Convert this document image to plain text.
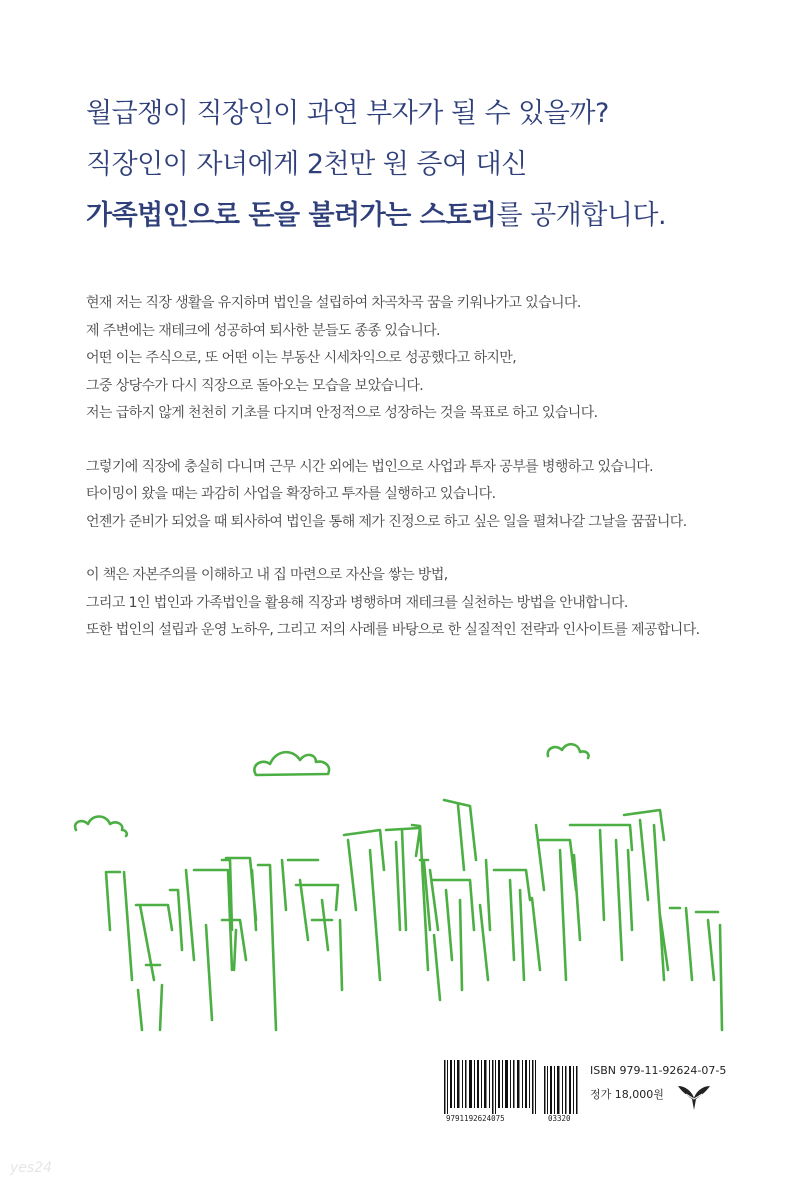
월급쟁이 직장인이 과연 부자가 될 수 있을까?
직장인이 자녀에게 2천만 원 증여 대신
가족법인으로 돈을 불려가는 스토리를 공개합니다.
현재 저는 직장 생활을 유지하며 법인을 설립하여 차곡차곡 꿈을 키워나가고 있습니다.
제 주변에는 재테크에 성공하여 퇴사한 분들도 종종 있습니다.
어떤 이는 주식으로, 또 어떤 이는 부동산 시세차익으로 성공했다고 하지만,
그중 상당수가 다시 직장으로 돌아오는 모습을 보았습니다.
저는 급하지 않게 천천히 기초를 다지며 안정적으로 성장하는 것을 목표로 하고 있습니다.
그렇기에 직장에 충실히 다니며 근무 시간 외에는 법인으로 사업과 투자 공부를 병행하고 있습니다.
타이밍이 왔을 때는 과감히 사업을 확장하고 투자를 실행하고 있습니다.
언젠가 준비가 되었을 때 퇴사하여 법인을 통해 제가 진정으로 하고 싶은 일을 펼쳐나갈 그날을 꿈꿉니다.
이 책은 자본주의를 이해하고 내 집 마련으로 자산을 쌓는 방법,
그리고 1인 법인과 가족법인을 활용해 직장과 병행하며 재테크를 실천하는 방법을 안내합니다.
또한 법인의 설립과 운영 노하우, 그리고 저의 사례를 바탕으로 한 실질적인 전략과 인사이트를 제공합니다.
9791192624075	03320
ISBN 979-11-92624-07-5
정가 18,000원
yes24
